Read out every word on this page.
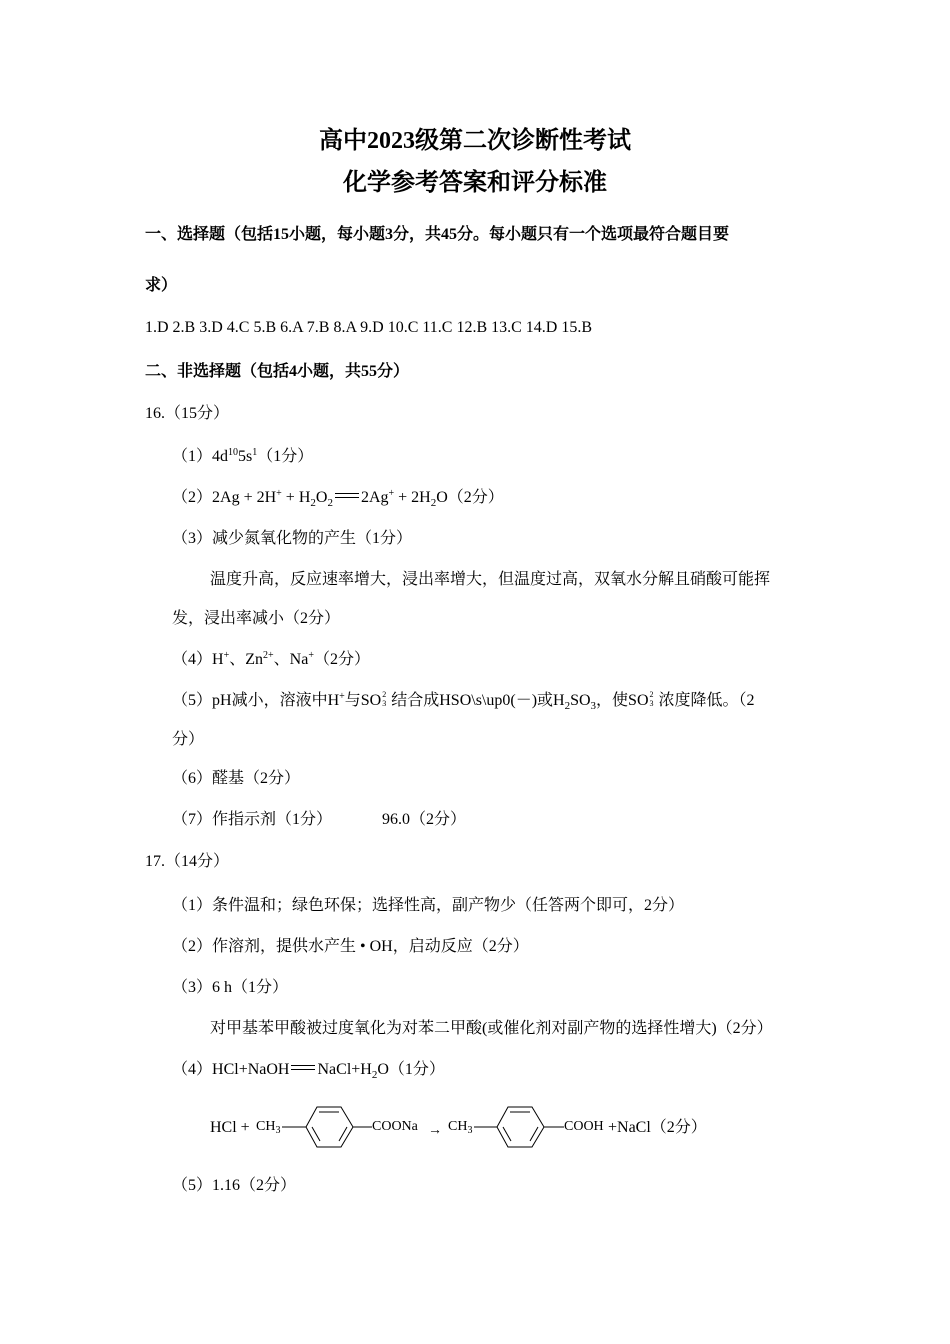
高中2023级第二次诊断性考试
化学参考答案和评分标准
一、选择题（包括15小题，每小题3分，共45分。每小题只有一个选项最符合题目要
求）
1.D 2.B 3.D 4.C 5.B 6.A 7.B 8.A 9.D 10.C 11.C 12.B 13.C 14.D 15.B
二、非选择题（包括4小题，共55分）
16.（15分）
$(1)4d^{10}5s^1(1$分）
$(2)2Ag + 2H^+ + H_2O_2$ $2Ag^+ + 2H_2O(2$分）
（3）减少氮氧化物的产生（1分）
温度升高，反应速率增大，浸出率增大，但温度过高，双氧水分解且硝酸可能挥
发，浸出率减小（2分）
（4）H+、$Zn^{2+}$、Na+（2分）
（5）pH减小，溶液中H+与SO 2
3 结合成HSO\s\up0(－)或$H_2SO_3$，使SO 2
3 浓度降低。（2
分）
（6）醛基（2分）
（7）作指示剂（1分）	96.0（2分）
17.（14分）
（1）条件温和；绿色环保；选择性高，副产物少（任答两个即可，2分）
（2）作溶剂，提供水产生 • OH，启动反应（2分）
（3）6 h（1分）
对甲基苯甲酸被过度氧化为对苯二甲酸(或催化剂对副产物的选择性增大)（2分）
（4）HCl+NaOH $NaCl+H_2O(1$分）
HCl + $CH_3$	COONa → $CH_3$	COOH +NaCl（2分）
（5）1.16（2分）
